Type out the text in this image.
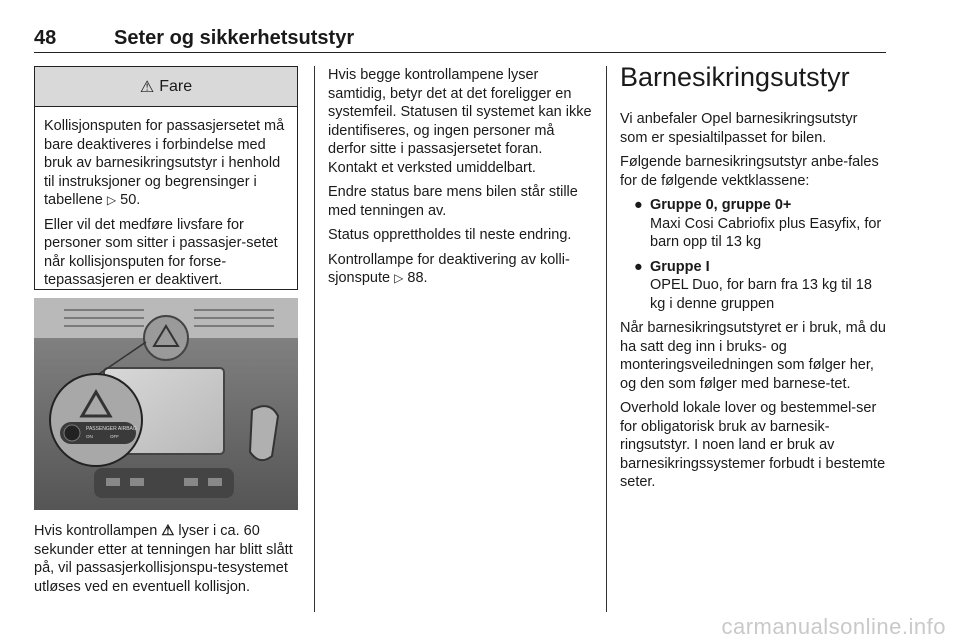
48	Seter og sikkerhetsutstyr
⚠ Fare

Kollisjonsputen for passasjersetet må bare deaktiveres i forbindelse med bruk av barnesikringsutstyr i henhold til instruksjoner og begrensinger i tabellene ▷ 50.

Eller vil det medføre livsfare for personer som sitter i passasjer-setet når kollisjonsputen for forse-tepassasjeren er deaktivert.

PASSENGER AIRBAG
ON	OFF

Hvis kontrollampen ⚠ lyser i ca. 60 sekunder etter at tenningen har blitt slått på, vil passasjerkollisjonspu-tesystemet utløses ved en eventuell kollisjon.

Hvis begge kontrollampene lyser samtidig, betyr det at det foreligger en systemfeil. Statusen til systemet kan ikke identifiseres, og ingen personer må derfor sitte i passasjersetet foran. Kontakt et verksted umiddelbart.

Endre status bare mens bilen står stille med tenningen av.

Status opprettholdes til neste endring.

Kontrollampe for deaktivering av kolli-sjonspute ▷ 88.

Barnesikringsutstyr

Vi anbefaler Opel barnesikringsutstyr som er spesialtilpasset for bilen.

Følgende barnesikringsutstyr anbe-fales for de følgende vektklassene:

● Gruppe 0, gruppe 0+
Maxi Cosi Cabriofix plus Easyfix, for barn opp til 13 kg
● Gruppe I
OPEL Duo, for barn fra 13 kg til 18 kg i denne gruppen

Når barnesikringsutstyret er i bruk, må du ha satt deg inn i bruks- og monteringsveiledningen som følger her, og den som følger med barnese-tet.

Overhold lokale lover og bestemmel-ser for obligatorisk bruk av barnesik-ringsutstyr. I noen land er bruk av barnesikringssystemer forbudt i bestemte seter.

carmanualsonline.info
